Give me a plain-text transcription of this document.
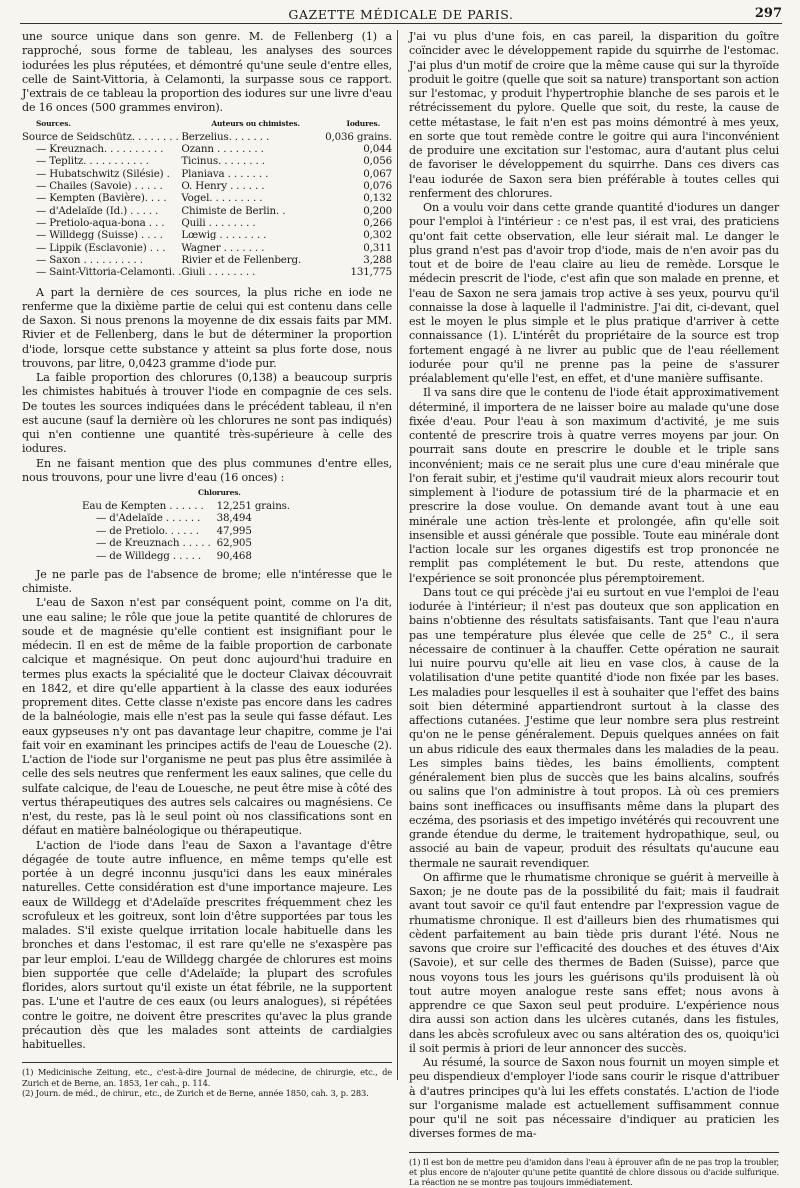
GAZETTE MÉDICALE DE PARIS.	297

une source unique dans son genre. M. de Fellenberg (1) a rapproché, sous forme de tableau, les analyses des sources iodurées les plus réputées, et démontré qu'une seule d'entre elles, celle de Saint-Vittoria, à Celamonti, la surpasse sous ce rapport. J'extrais de ce tableau la proportion des iodures sur une livre d'eau de 16 onces (500 grammes environ).

Sources.	Auteurs ou chimistes.	Iodures.
Source de Seidschütz. . . . . . . .	Berzelius. . . . . . .	0,036 grains.
— Kreuznach. . . . . . . . . .	Ozann . . . . . . . .	0,044
— Teplitz. . . . . . . . . . .	Ticinus. . . . . . . .	0,056
— Hubatschwitz (Silésie) .	Planiava . . . . . . .	0,067
— Chailes (Savoie) . . . . .	O. Henry . . . . . .	0,076
— Kempten (Bavière). . . .	Vogel. . . . . . . . .	0,132
— d'Adelaïde (Id.) . . . . .	Chimiste de Berlin. .	0,200
— Pretiolo-aqua-bona . . .	Quili . . . . . . . .	0,266
— Willdegg (Suisse) . . . .	Lœwig . . . . . . . .	0,302
— Lippik (Esclavonie) . . .	Wagner . . . . . . .	0,311
— Saxon . . . . . . . . . .	Rivier et de Fellenberg.	3,288
— Saint-Vittoria-Celamonti. .	Giuli . . . . . . . .	131,775

A part la dernière de ces sources, la plus riche en iode ne renferme que la dixième partie de celui qui est contenu dans celle de Saxon. Si nous prenons la moyenne de dix essais faits par MM. Rivier et de Fellenberg, dans le but de déterminer la proportion d'iode, lorsque cette substance y atteint sa plus forte dose, nous trouvons, par litre, 0,0423 gramme d'iode pur.

La faible proportion des chlorures (0,138) a beaucoup surpris les chimistes habitués à trouver l'iode en compagnie de ces sels. De toutes les sources indiquées dans le précédent tableau, il n'en est aucune (sauf la dernière où les chlorures ne sont pas indiqués) qui n'en contienne une quantité très-supérieure à celle des iodures.

En ne faisant mention que des plus communes d'entre elles, nous trouvons, pour une livre d'eau (16 onces) :

Chlorures.
Eau de Kempten . . . . . .	12,251 grains.
— d'Adelaïde . . . . . .	38,494
— de Pretiolo. . . . . .	47,995
— de Kreuznach . . . . .	62,905
— de Willdegg . . . . .	90,468

Je ne parle pas de l'absence de brome; elle n'intéresse que le chimiste.

L'eau de Saxon n'est par conséquent point, comme on l'a dit, une eau saline; le rôle que joue la petite quantité de chlorures de soude et de magnésie qu'elle contient est insignifiant pour le médecin. Il en est de même de la faible proportion de carbonate calcique et magnésique. On peut donc aujourd'hui traduire en termes plus exacts la spécialité que le docteur Claivax découvrait en 1842, et dire qu'elle appartient à la classe des eaux iodurées proprement dites. Cette classe n'existe pas encore dans les cadres de la balnéologie, mais elle n'est pas la seule qui fasse défaut. Les eaux gypseuses n'y ont pas davantage leur chapitre, comme je l'ai fait voir en examinant les principes actifs de l'eau de Louesche (2). L'action de l'iode sur l'organisme ne peut pas plus être assimilée à celle des sels neutres que renferment les eaux salines, que celle du sulfate calcique, de l'eau de Louesche, ne peut être mise à côté des vertus thérapeutiques des autres sels calcaires ou magnésiens. Ce n'est, du reste, pas là le seul point où nos classifications sont en défaut en matière balnéologique ou thérapeutique.

L'action de l'iode dans l'eau de Saxon a l'avantage d'être dégagée de toute autre influence, en même temps qu'elle est portée à un degré inconnu jusqu'ici dans les eaux minérales naturelles. Cette considération est d'une importance majeure. Les eaux de Willdegg et d'Adelaïde prescrites fréquemment chez les scrofuleux et les goitreux, sont loin d'être supportées par tous les malades. S'il existe quelque irritation locale habituelle dans les bronches et dans l'estomac, il est rare qu'elle ne s'exaspère pas par leur emploi. L'eau de Willdegg chargée de chlorures est moins bien supportée que celle d'Adelaïde; la plupart des scrofules florides, alors surtout qu'il existe un état fébrile, ne la supportent pas. L'une et l'autre de ces eaux (ou leurs analogues), si répétées contre le goitre, ne doivent être prescrites qu'avec la plus grande précaution dès que les malades sont atteints de cardialgies habituelles.

(1) Medicinische Zeitung, etc., c'est-à-dire Journal de médecine, de chirurgie, etc., de Zurich et de Berne, an. 1853, 1er cah., p. 114.

(2) Journ. de méd., de chirur., etc., de Zurich et de Berne, année 1850, cah. 3, p. 283.

J'ai vu plus d'une fois, en cas pareil, la disparition du goître coïncider avec le développement rapide du squirrhe de l'estomac. J'ai plus d'un motif de croire que la même cause qui sur la thyroïde produit le goitre (quelle que soit sa nature) transportant son action sur l'estomac, y produit l'hypertrophie blanche de ses parois et le rétrécissement du pylore. Quelle que soit, du reste, la cause de cette métastase, le fait n'en est pas moins démontré à mes yeux, en sorte que tout remède contre le goitre qui aura l'inconvénient de produire une excitation sur l'estomac, aura d'autant plus celui de favoriser le développement du squirrhe. Dans ces divers cas l'eau iodurée de Saxon sera bien préférable à toutes celles qui renferment des chlorures.

On a voulu voir dans cette grande quantité d'iodures un danger pour l'emploi à l'intérieur : ce n'est pas, il est vrai, des praticiens qu'ont fait cette observation, elle leur siérait mal. Le danger le plus grand n'est pas d'avoir trop d'iode, mais de n'en avoir pas du tout et de boire de l'eau claire au lieu de remède. Lorsque le médecin prescrit de l'iode, c'est afin que son malade en prenne, et l'eau de Saxon ne sera jamais trop active à ses yeux, pourvu qu'il connaisse la dose à laquelle il l'administre. J'ai dit, ci-devant, quel est le moyen le plus simple et le plus pratique d'arriver à cette connaissance (1). L'intérêt du propriétaire de la source est trop fortement engagé à ne livrer au public que de l'eau réellement iodurée pour qu'il ne prenne pas la peine de s'assurer préalablement qu'elle l'est, en effet, et d'une manière suffisante.

Il va sans dire que le contenu de l'iode était approximativement déterminé, il importera de ne laisser boire au malade qu'une dose fixée d'eau. Pour l'eau à son maximum d'activité, je me suis contenté de prescrire trois à quatre verres moyens par jour. On pourrait sans doute en prescrire le double et le triple sans inconvénient; mais ce ne serait plus une cure d'eau minérale que l'on ferait subir, et j'estime qu'il vaudrait mieux alors recourir tout simplement à l'iodure de potassium tiré de la pharmacie et en prescrire la dose voulue. On demande avant tout à une eau minérale une action très-lente et prolongée, afin qu'elle soit insensible et aussi générale que possible. Toute eau minérale dont l'action locale sur les organes digestifs est trop prononcée ne remplit pas complétement le but. Du reste, attendons que l'expérience se soit prononcée plus péremptoirement.

Dans tout ce qui précède j'ai eu surtout en vue l'emploi de l'eau iodurée à l'intérieur; il n'est pas douteux que son application en bains n'obtienne des résultats satisfaisants. Tant que l'eau n'aura pas une température plus élevée que celle de 25° C., il sera nécessaire de continuer à la chauffer. Cette opération ne saurait lui nuire pourvu qu'elle ait lieu en vase clos, à cause de la volatilisation d'une petite quantité d'iode non fixée par les bases. Les maladies pour lesquelles il est à souhaiter que l'effet des bains soit bien déterminé appartiendront surtout à la classe des affections cutanées. J'estime que leur nombre sera plus restreint qu'on ne le pense généralement. Depuis quelques années on fait un abus ridicule des eaux thermales dans les maladies de la peau. Les simples bains tièdes, les bains émollients, comptent généralement bien plus de succès que les bains alcalins, soufrés ou salins que l'on administre à tout propos. Là où ces premiers bains sont inefficaces ou insuffisants même dans la plupart des eczéma, des psoriasis et des impetigo invétérés qui recouvrent une grande étendue du derme, le traitement hydropathique, seul, ou associé au bain de vapeur, produit des résultats qu'aucune eau thermale ne saurait revendiquer.

On affirme que le rhumatisme chronique se guérit à merveille à Saxon; je ne doute pas de la possibilité du fait; mais il faudrait avant tout savoir ce qu'il faut entendre par l'expression vague de rhumatisme chronique. Il est d'ailleurs bien des rhumatismes qui cèdent parfaitement au bain tiède pris durant l'été. Nous ne savons que croire sur l'efficacité des douches et des étuves d'Aix (Savoie), et sur celle des thermes de Baden (Suisse), parce que nous voyons tous les jours les guérisons qu'ils produisent là où tout autre moyen analogue reste sans effet; nous avons à apprendre ce que Saxon seul peut produire. L'expérience nous dira aussi son action dans les ulcères cutanés, dans les fistules, dans les abcès scrofuleux avec ou sans altération des os, quoiqu'ici il soit permis à priori de leur annoncer des succès.

Au résumé, la source de Saxon nous fournit un moyen simple et peu dispendieux d'employer l'iode sans courir le risque d'attribuer à d'autres principes qu'à lui les effets constatés. L'action de l'iode sur l'organisme malade est actuellement suffisamment connue pour qu'il ne soit pas nécessaire d'indiquer au praticien les diverses formes de ma-

(1) Il est bon de mettre peu d'amidon dans l'eau à éprouver afin de ne pas trop la troubler, et plus encore de n'ajouter qu'une petite quantité de chlore dissous ou d'acide sulfurique. La réaction ne se montre pas toujours immédiatement.
